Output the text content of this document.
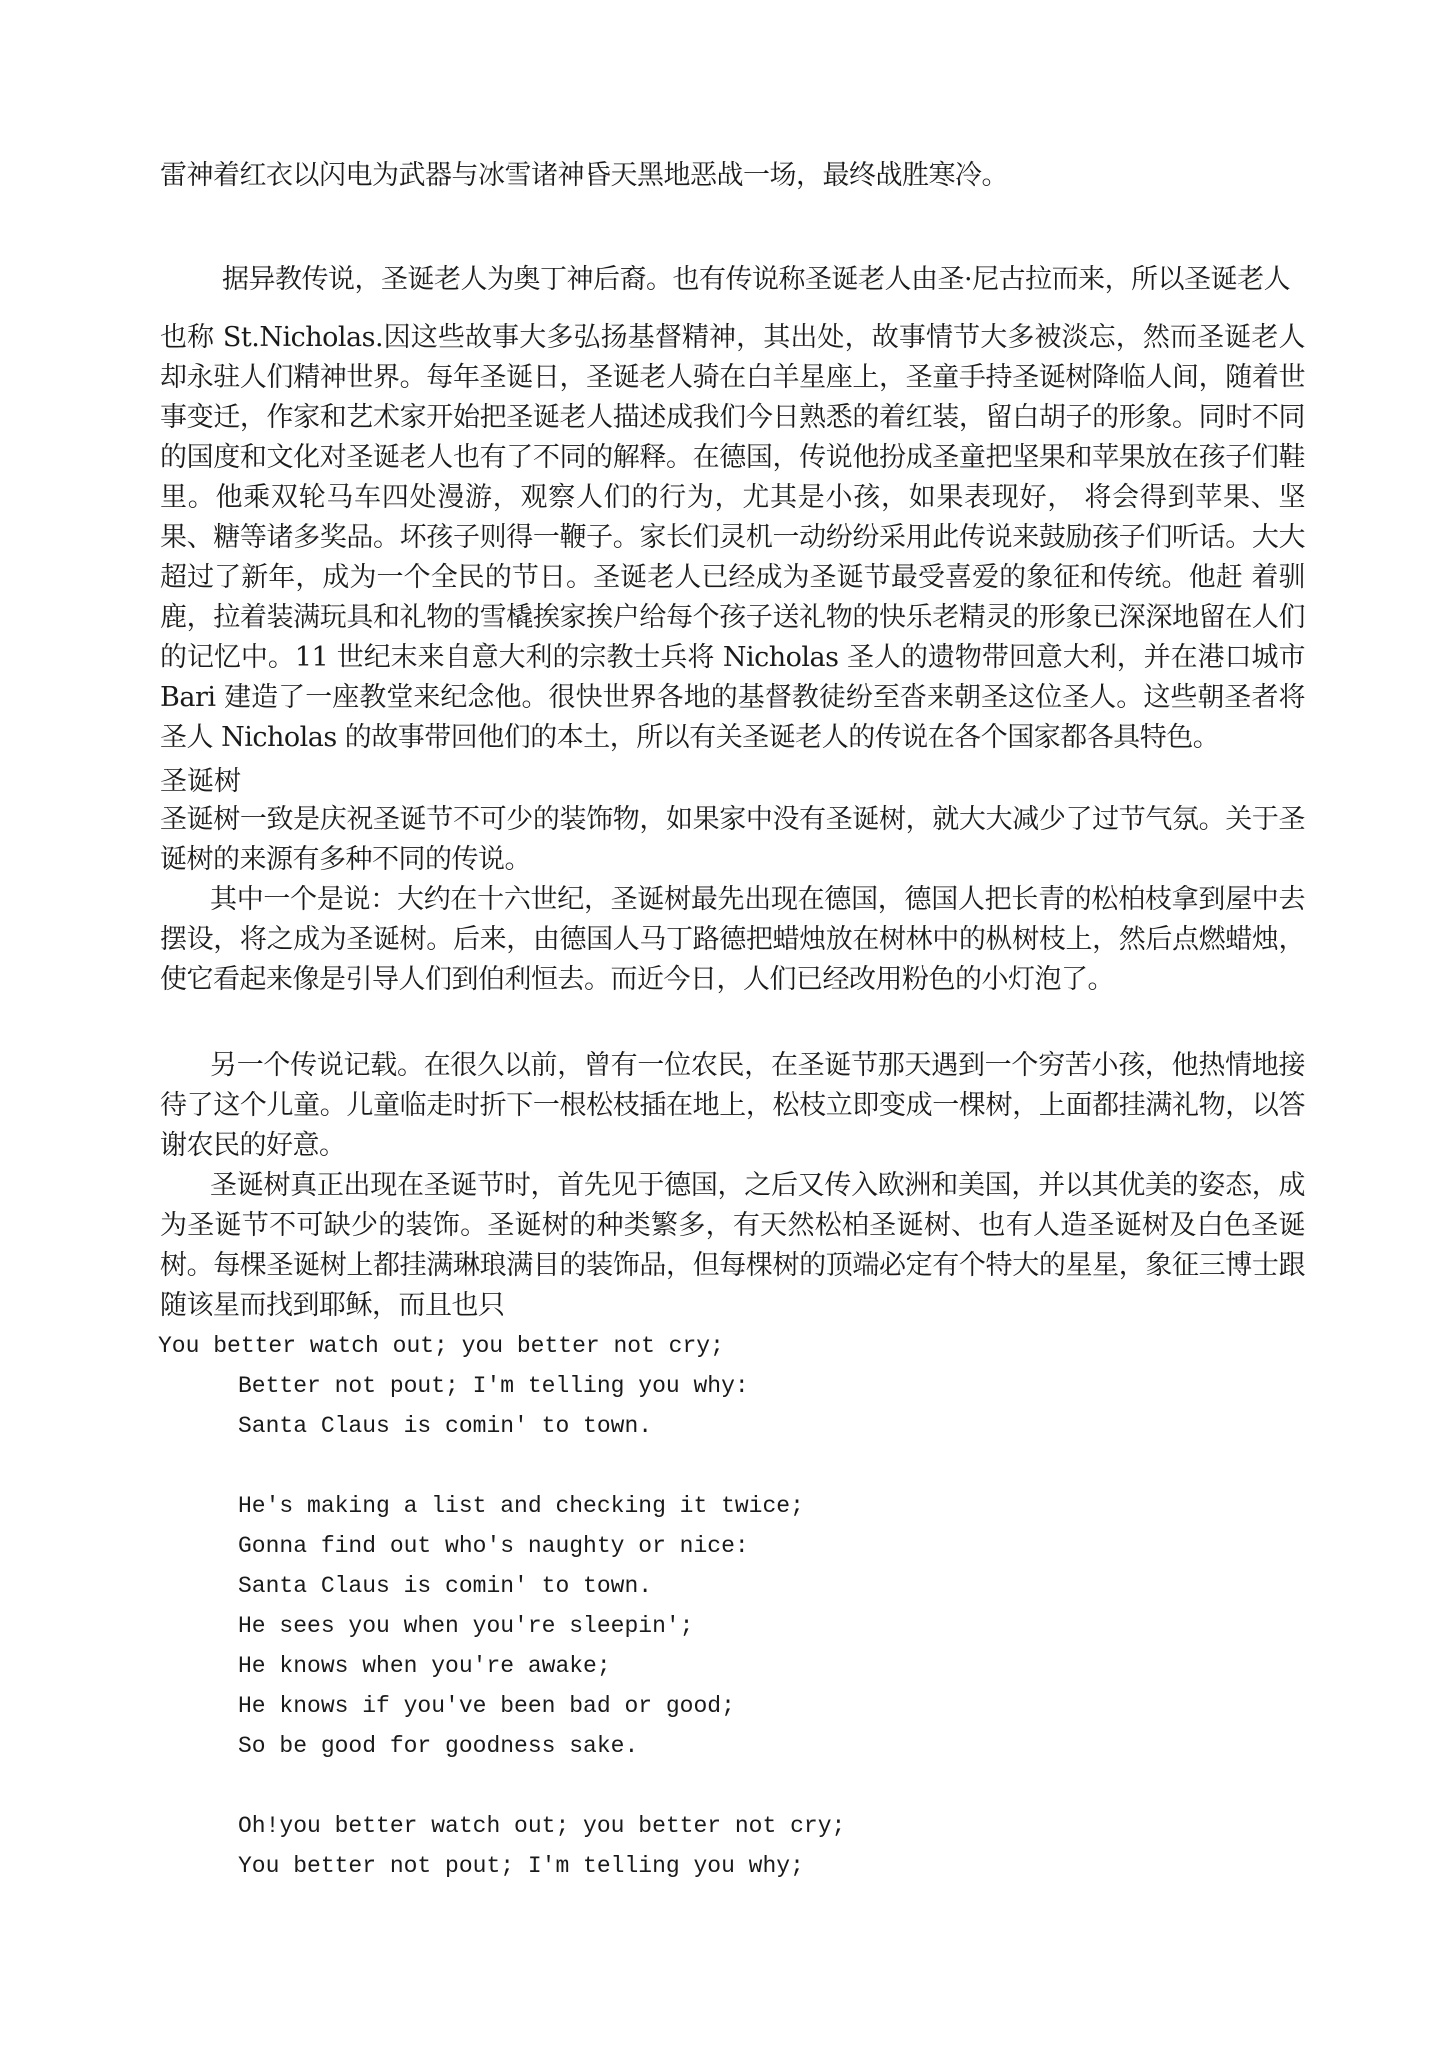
雷神着红衣以闪电为武器与冰雪诸神昏天黑地恶战一场，最终战胜寒冷。

据异教传说，圣诞老人为奥丁神后裔。也有传说称圣诞老人由圣·尼古拉而来，所以圣诞老人

也称 St.Nicholas.因这些故事大多弘扬基督精神，其出处，故事情节大多被淡忘，然而圣诞老人却永驻人们精神世界。每年圣诞日，圣诞老人骑在白羊星座上，圣童手持圣诞树降临人间，随着世事变迁，作家和艺术家开始把圣诞老人描述成我们今日熟悉的着红装，留白胡子的形象。同时不同的国度和文化对圣诞老人也有了不同的解释。在德国，传说他扮成圣童把坚果和苹果放在孩子们鞋里。他乘双轮马车四处漫游，观察人们的行为，尤其是小孩，如果表现好， 将会得到苹果、坚果、糖等诸多奖品。坏孩子则得一鞭子。家长们灵机一动纷纷采用此传说来鼓励孩子们听话。大大超过了新年，成为一个全民的节日。圣诞老人已经成为圣诞节最受喜爱的象征和传统。他赶 着驯鹿，拉着装满玩具和礼物的雪橇挨家挨户给每个孩子送礼物的快乐老精灵的形象已深深地留在人们的记忆中。11 世纪末来自意大利的宗教士兵将 Nicholas 圣人的遗物带回意大利，并在港口城市 Bari 建造了一座教堂来纪念他。很快世界各地的基督教徒纷至沓来朝圣这位圣人。这些朝圣者将圣人 Nicholas 的故事带回他们的本土，所以有关圣诞老人的传说在各个国家都各具特色。

圣诞树

圣诞树一致是庆祝圣诞节不可少的装饰物，如果家中没有圣诞树，就大大减少了过节气氛。关于圣诞树的来源有多种不同的传说。

其中一个是说：大约在十六世纪，圣诞树最先出现在德国，德国人把长青的松柏枝拿到屋中去摆设，将之成为圣诞树。后来，由德国人马丁路德把蜡烛放在树林中的枞树枝上，然后点燃蜡烛，使它看起来像是引导人们到伯利恒去。而近今日，人们已经改用粉色的小灯泡了。

另一个传说记载。在很久以前，曾有一位农民，在圣诞节那天遇到一个穷苦小孩，他热情地接待了这个儿童。儿童临走时折下一根松枝插在地上，松枝立即变成一棵树，上面都挂满礼物，以答谢农民的好意。

圣诞树真正出现在圣诞节时，首先见于德国，之后又传入欧洲和美国，并以其优美的姿态，成为圣诞节不可缺少的装饰。圣诞树的种类繁多，有天然松柏圣诞树、也有人造圣诞树及白色圣诞树。每棵圣诞树上都挂满琳琅满目的装饰品，但每棵树的顶端必定有个特大的星星，象征三博士跟随该星而找到耶稣，而且也只

You better watch out; you better not cry;

Better not pout; I'm telling you why:

Santa Claus is comin' to town.

He's making a list and checking it twice;

Gonna find out who's naughty or nice:

Santa Claus is comin' to town.

He sees you when you're sleepin';

He knows when you're awake;

He knows if you've been bad or good;

So be good for goodness sake.

Oh!you better watch out; you better not cry;

You better not pout; I'm telling you why;
